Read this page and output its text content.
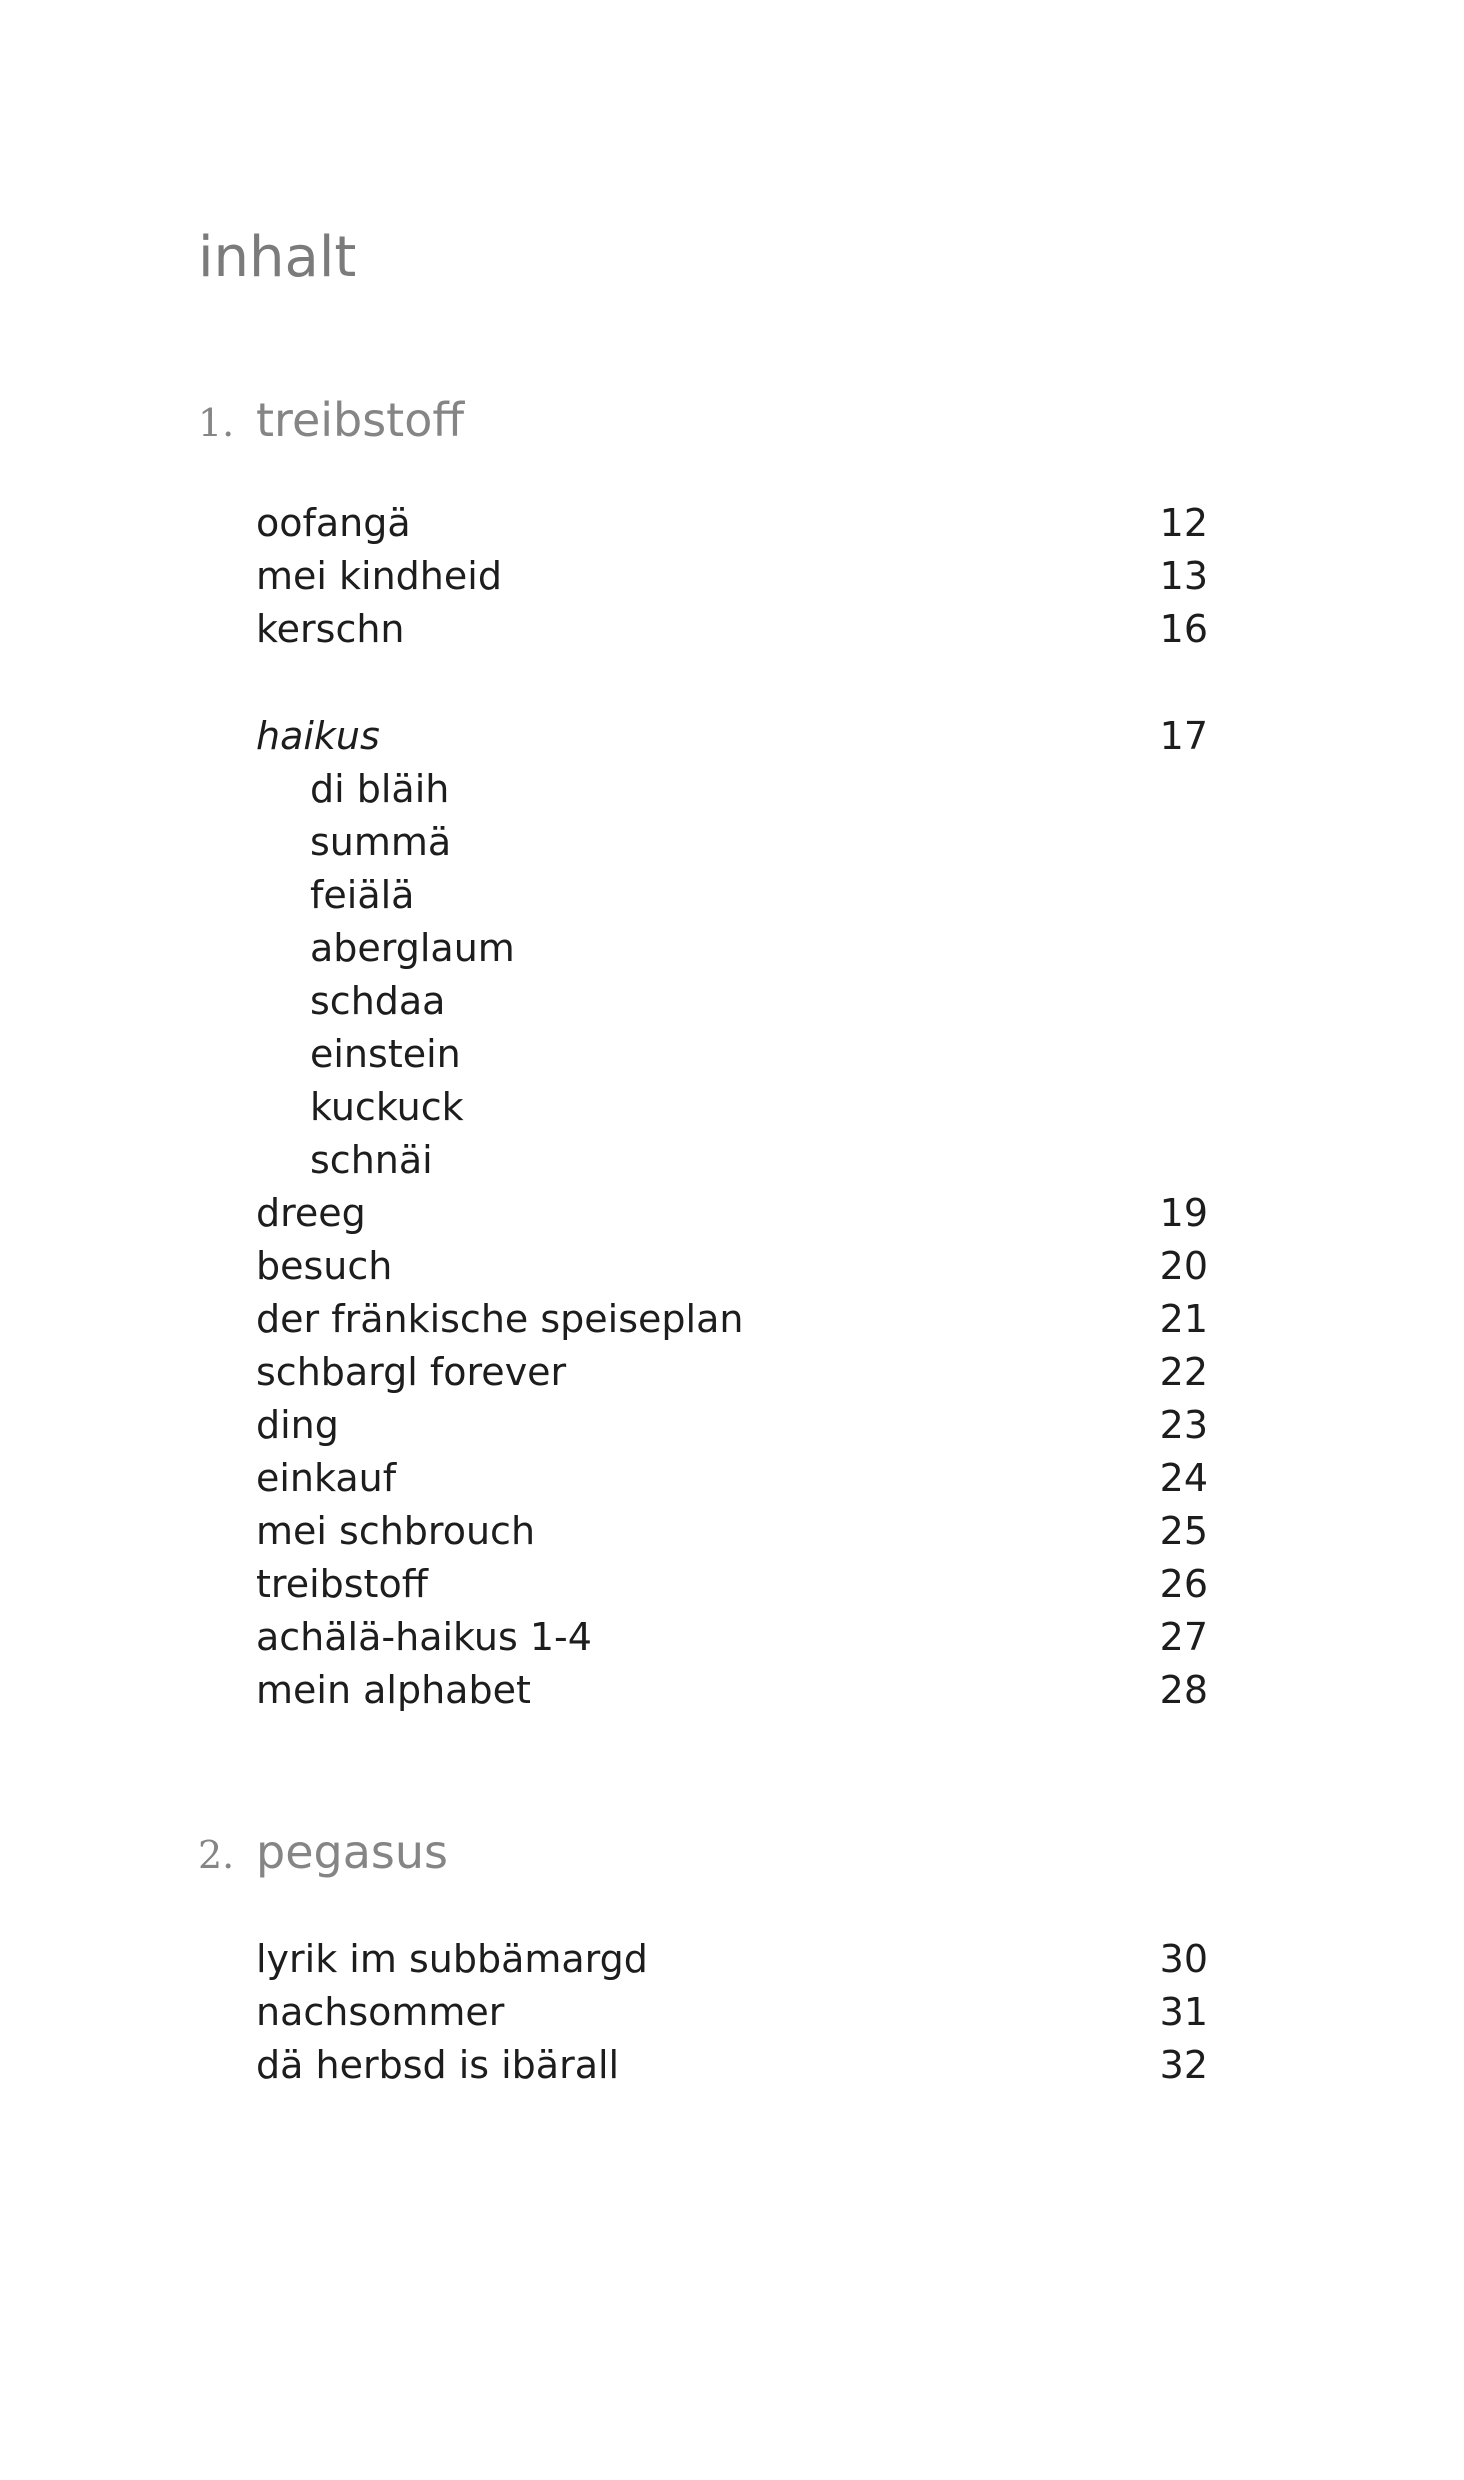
inhalt
1. treibstoff
oofangä	12
mei kindheid	13
kerschn	16
haikus	17
di bläih
summä
feiälä
aberglaum
schdaa
einstein
kuckuck
schnäi
dreeg	19
besuch	20
der fränkische speiseplan	21
schbargl forever	22
ding	23
einkauf	24
mei schbrouch	25
treibstoff	26
achälä-haikus 1-4	27
mein alphabet	28
2. pegasus
lyrik im subbämargd	30
nachsommer	31
dä herbsd is ibärall	32
